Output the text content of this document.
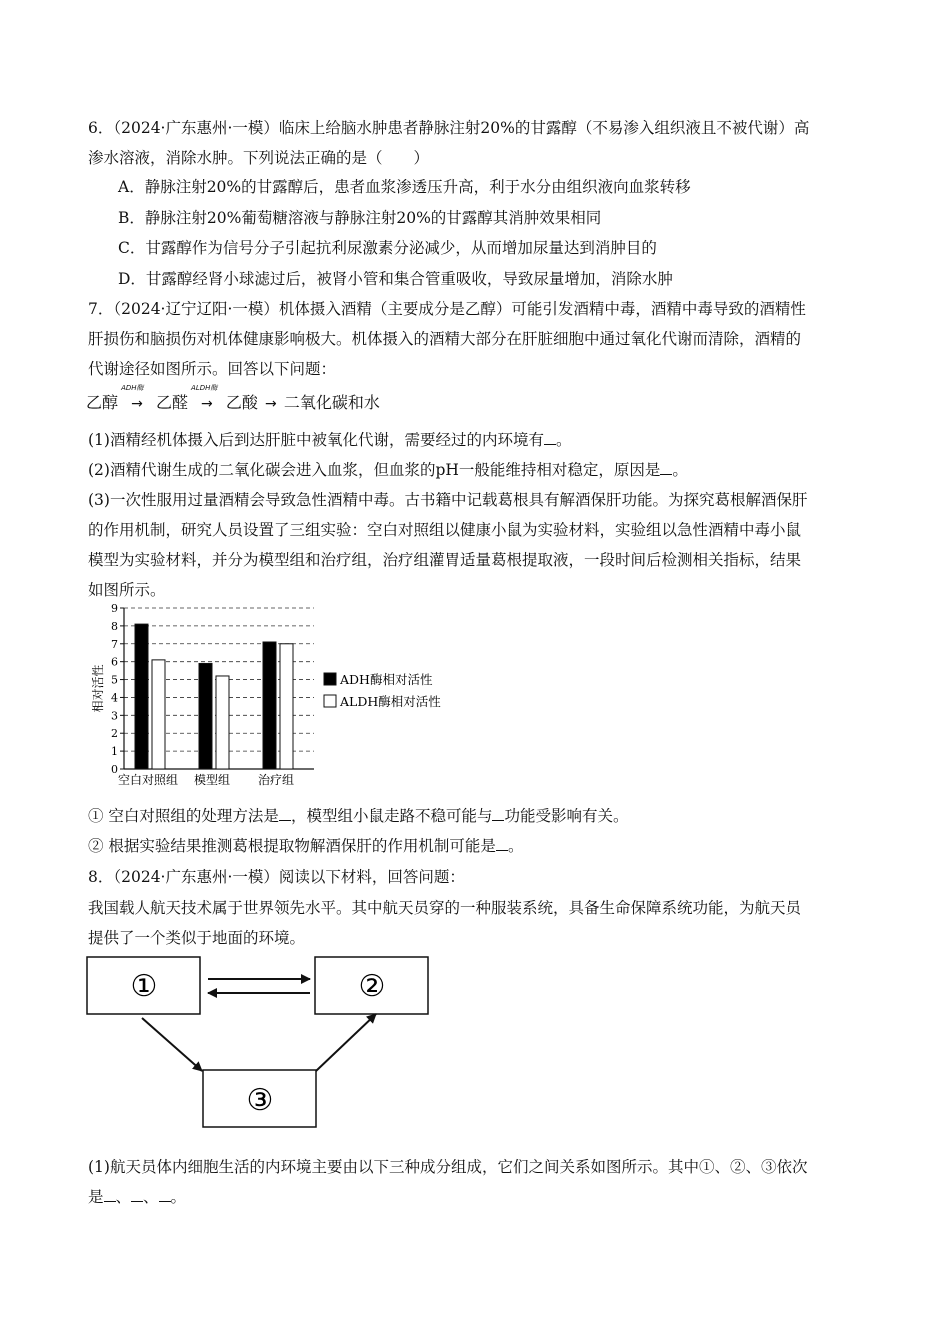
6．（2024·广东惠州·一模）临床上给脑水肿患者静脉注射20%的甘露醇（不易渗入组织液且不被代谢）高
渗水溶液，消除水肿。下列说法正确的是（　　）
A．静脉注射20%的甘露醇后，患者血浆渗透压升高，利于水分由组织液向血浆转移
B．静脉注射20%葡萄糖溶液与静脉注射20%的甘露醇其消肿效果相同
C．甘露醇作为信号分子引起抗利尿激素分泌减少，从而增加尿量达到消肿目的
D．甘露醇经肾小球滤过后，被肾小管和集合管重吸收，导致尿量增加，消除水肿
7．（2024·辽宁辽阳·一模）机体摄入酒精（主要成分是乙醇）可能引发酒精中毒，酒精中毒导致的酒精性
肝损伤和脑损伤对机体健康影响极大。机体摄入的酒精大部分在肝脏细胞中通过氧化代谢而清除，酒精的
代谢途径如图所示。回答以下问题：
乙醇
ADH酶
→ 乙醛
ALDH酶
→ 乙酸 → 二氧化碳和水
(1)酒精经机体摄入后到达肝脏中被氧化代谢，需要经过的内环境有 。
(2)酒精代谢生成的二氧化碳会进入血浆，但血浆的pH一般能维持相对稳定，原因是 。
(3)一次性服用过量酒精会导致急性酒精中毒。古书籍中记载葛根具有解酒保肝功能。为探究葛根解酒保肝
的作用机制，研究人员设置了三组实验：空白对照组以健康小鼠为实验材料，实验组以急性酒精中毒小鼠
模型为实验材料，并分为模型组和治疗组，治疗组灌胃适量葛根提取液，一段时间后检测相关指标，结果
如图所示。
0
1
2
3
4
5
6
7
8
9
相对活性
空白对照组 模型组 治疗组
ADH酶相对活性
ALDH酶相对活性
① 空白对照组的处理方法是 ，模型组小鼠走路不稳可能与 功能受影响有关。
② 根据实验结果推测葛根提取物解酒保肝的作用机制可能是 。
8．（2024·广东惠州·一模）阅读以下材料，回答问题：
我国载人航天技术属于世界领先水平。其中航天员穿的一种服装系统，具备生命保障系统功能，为航天员
提供了一个类似于地面的环境。
①	②
③
(1)航天员体内细胞生活的内环境主要由以下三种成分组成，它们之间关系如图所示。其中①、②、③依次
是 、 、 。
